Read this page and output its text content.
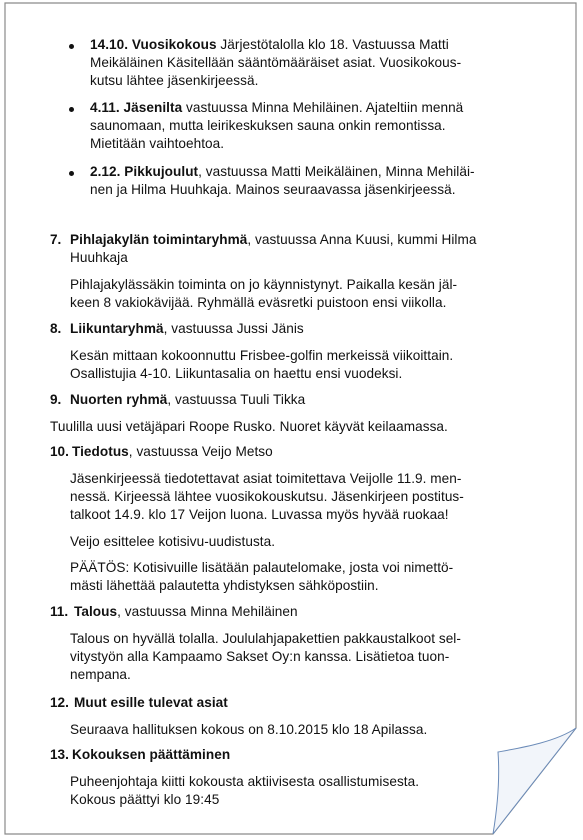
14.10. Vuosikokous Järjestötalolla klo 18. Vastuussa Matti
Meikäläinen Käsitellään sääntömääräiset asiat. Vuosikokous-
kutsu lähtee jäsenkirjeessä.
4.11. Jäsenilta vastuussa Minna Mehiläinen. Ajateltiin mennä
saunomaan, mutta leirikeskuksen sauna onkin remontissa.
Mietitään vaihtoehtoa.
2.12. Pikkujoulut, vastuussa Matti Meikäläinen, Minna Mehiläi-
nen ja Hilma Huuhkaja. Mainos seuraavassa jäsenkirjeessä.
7. Pihlajakylän toimintaryhmä, vastuussa Anna Kuusi, kummi Hilma
Huuhkaja
Pihlajakylässäkin toiminta on jo käynnistynyt. Paikalla kesän jäl-
keen 8 vakiokävijää. Ryhmällä eväsretki puistoon ensi viikolla.
8. Liikuntaryhmä, vastuussa Jussi Jänis
Kesän mittaan kokoonnuttu Frisbee-golfin merkeissä viikoittain.
Osallistujia 4-10. Liikuntasalia on haettu ensi vuodeksi.
9. Nuorten ryhmä, vastuussa Tuuli Tikka
Tuulilla uusi vetäjäpari Roope Rusko. Nuoret käyvät keilaamassa.
10. Tiedotus, vastuussa Veijo Metso
Jäsenkirjeessä tiedotettavat asiat toimitettava Veijolle 11.9. men-
nessä. Kirjeessä lähtee vuosikokouskutsu. Jäsenkirjeen postitus-
talkoot 14.9. klo 17 Veijon luona. Luvassa myös hyvää ruokaa!
Veijo esittelee kotisivu-uudistusta.
PÄÄTÖS: Kotisivuille lisätään palautelomake, josta voi nimettö-
mästi lähettää palautetta yhdistyksen sähköpostiin.
11. Talous, vastuussa Minna Mehiläinen
Talous on hyvällä tolalla. Joululahjapakettien pakkaustalkoot sel-
vitystyön alla Kampaamo Sakset Oy:n kanssa. Lisätietoa tuon-
nempana.
12. Muut esille tulevat asiat
Seuraava hallituksen kokous on 8.10.2015 klo 18 Apilassa.
13. Kokouksen päättäminen
Puheenjohtaja kiitti kokousta aktiivisesta osallistumisesta.
Kokous päättyi klo 19:45
